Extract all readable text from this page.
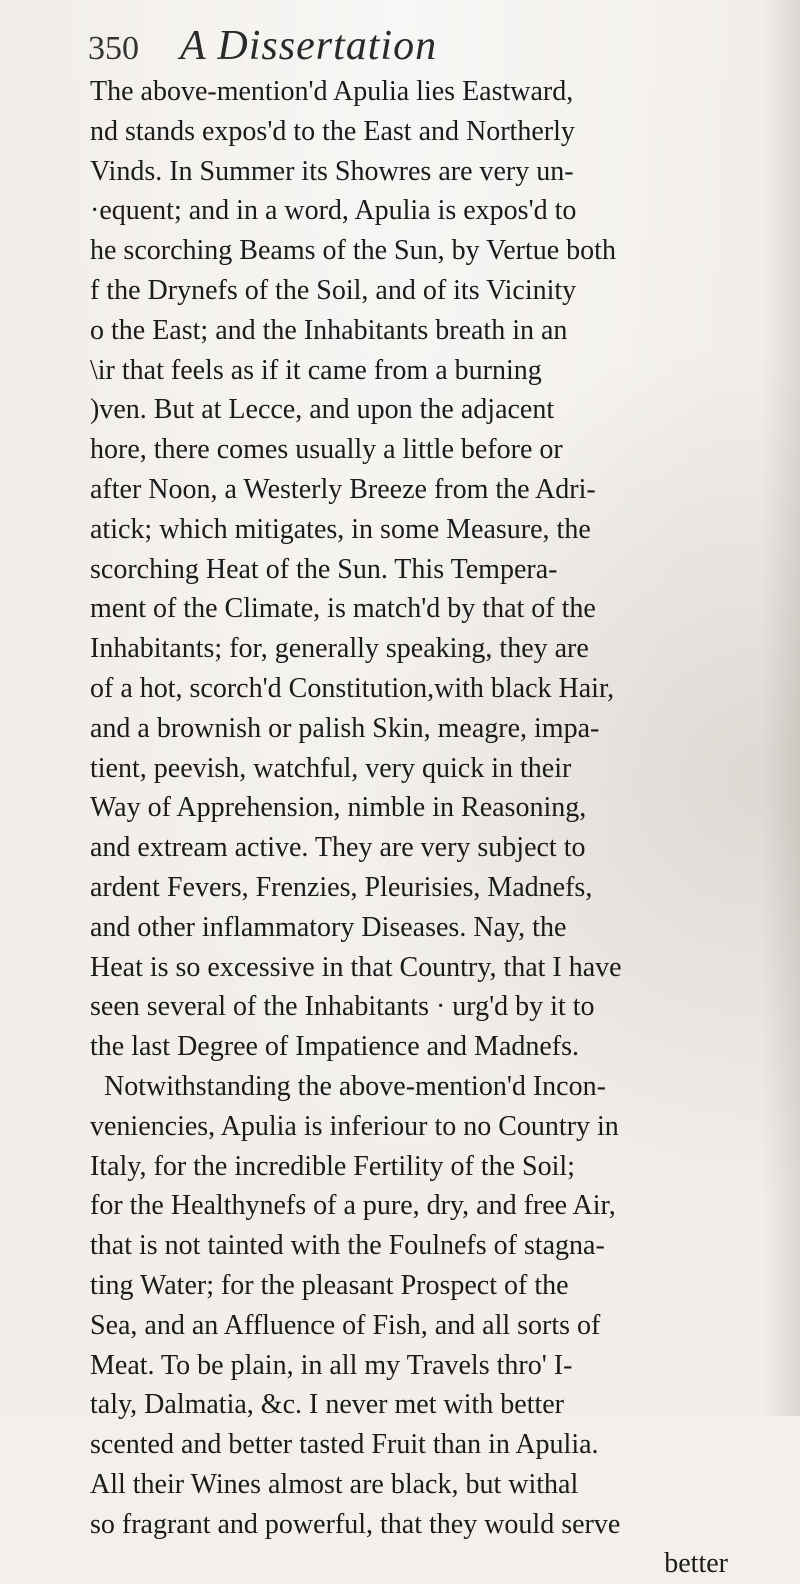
350 A Dissertation
The above-mention'd Apulia lies Eastward,
nd stands expos'd to the East and Northerly
Vinds. In Summer its Showres are very un-
·equent; and in a word, Apulia is expos'd to
he scorching Beams of the Sun, by Vertue both
f the Drynefs of the Soil, and of its Vicinity
o the East; and the Inhabitants breath in an
\ir that feels as if it came from a burning
)ven. But at Lecce, and upon the adjacent
hore, there comes usually a little before or
after Noon, a Westerly Breeze from the Adri-
atick; which mitigates, in some Measure, the
scorching Heat of the Sun. This Tempera-
ment of the Climate, is match'd by that of the
Inhabitants; for, generally speaking, they are
of a hot, scorch'd Constitution,with black Hair,
and a brownish or palish Skin, meagre, impa-
tient, peevish, watchful, very quick in their
Way of Apprehension, nimble in Reasoning,
and extream active. They are very subject to
ardent Fevers, Frenzies, Pleurisies, Madnefs,
and other inflammatory Diseases. Nay, the
Heat is so excessive in that Country, that I have
seen several of the Inhabitants · urg'd by it to
the last Degree of Impatience and Madnefs.
Notwithstanding the above-mention'd Incon-
veniencies, Apulia is inferiour to no Country in
Italy, for the incredible Fertility of the Soil;
for the Healthynefs of a pure, dry, and free Air,
that is not tainted with the Foulnefs of stagna-
ting Water; for the pleasant Prospect of the
Sea, and an Affluence of Fish, and all sorts of
Meat. To be plain, in all my Travels thro' I-
taly, Dalmatia, &c. I never met with better
scented and better tasted Fruit than in Apulia.
All their Wines almost are black, but withal
so fragrant and powerful, that they would serve
better
